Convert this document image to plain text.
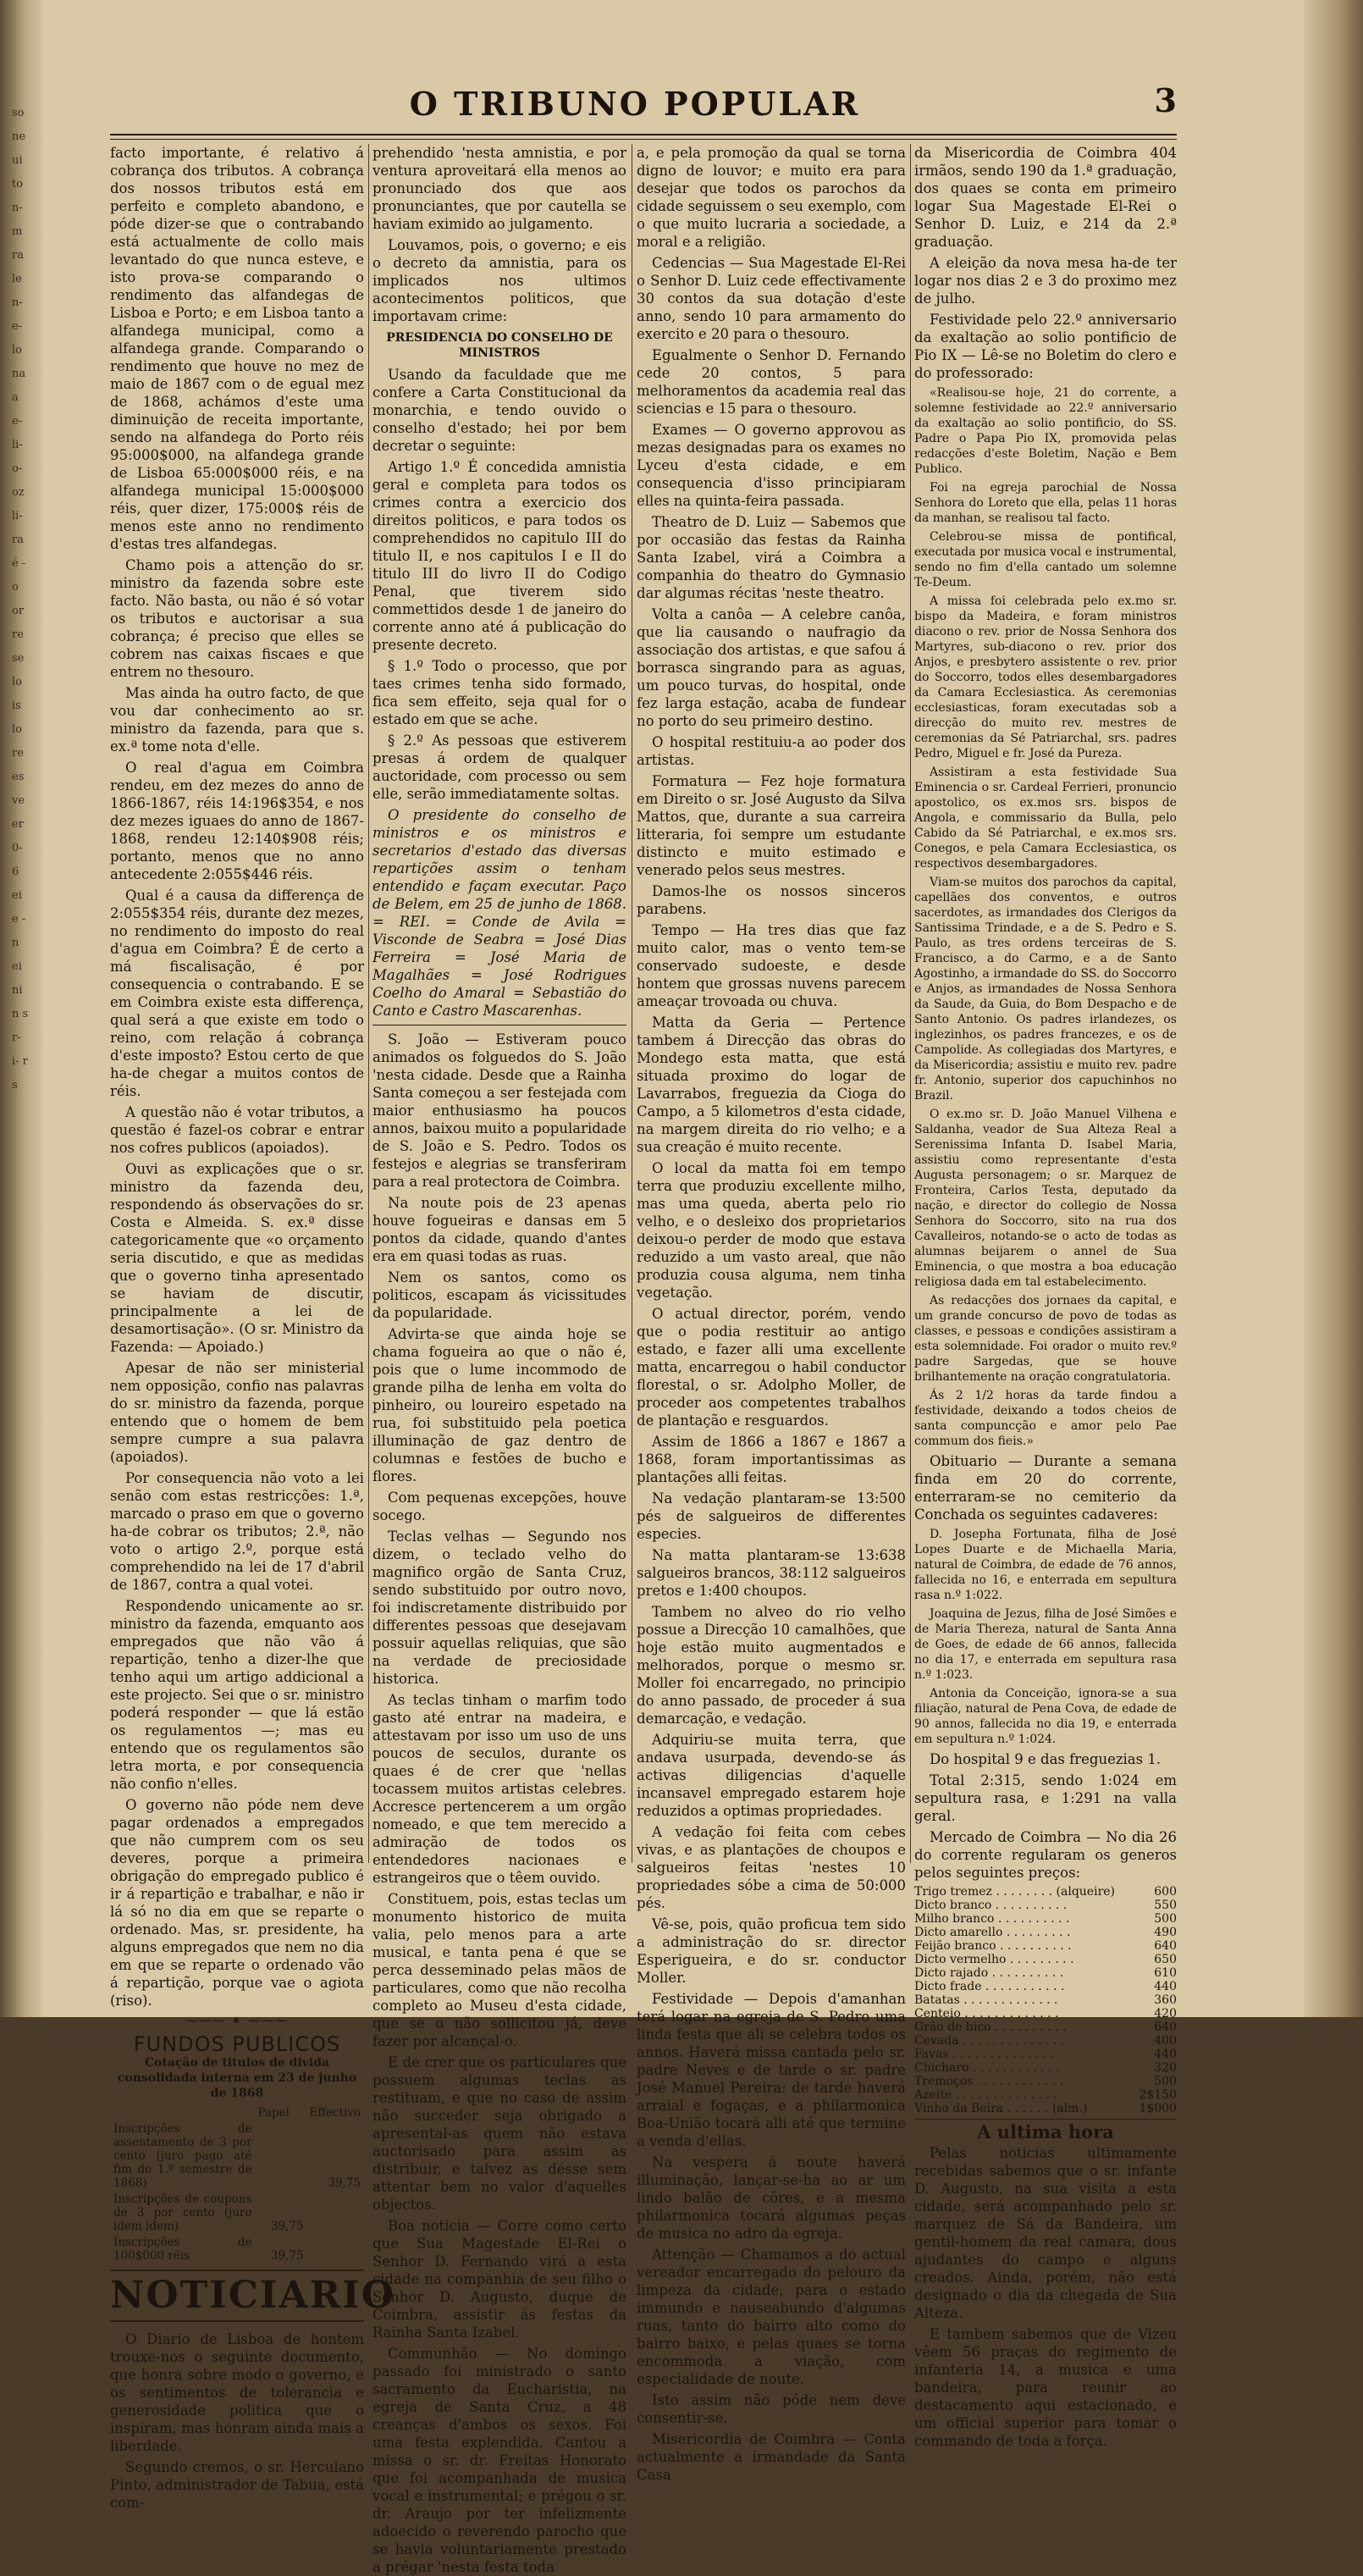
so ne ui to n- m ra le n- e- lo na a e- li- o- oz li- ra é -o or re se lo is lo re es ve er 0- 6 ei e -n ei ni n s r- i- r s
O TRIBUNO POPULAR	3

facto importante, é relativo á cobrança dos tributos. A cobrança dos nossos tributos está em perfeito e completo abandono, e póde dizer-se que o contrabando está actualmente de collo mais levantado do que nunca esteve, e isto prova-se comparando o rendimento das alfandegas de Lisboa e Porto; e em Lisboa tanto a alfandega municipal, como a alfandega grande. Comparando o rendimento que houve no mez de maio de 1867 com o de egual mez de 1868, achámos d'este uma diminuição de receita importante, sendo na alfandega do Porto réis 95:000$000, na alfandega grande de Lisboa 65:000$000 réis, e na alfandega municipal 15:000$000 réis, quer dizer, 175:000$ réis de menos este anno no rendimento d'estas tres alfandegas.

Chamo pois a attenção do sr. ministro da fazenda sobre este facto. Não basta, ou não é só votar os tributos e auctorisar a sua cobrança; é preciso que elles se cobrem nas caixas fiscaes e que entrem no thesouro.

Mas ainda ha outro facto, de que vou dar conhecimento ao sr. ministro da fazenda, para que s. ex.ª tome nota d'elle.

O real d'agua em Coimbra rendeu, em dez mezes do anno de 1866-1867, réis 14:196$354, e nos dez mezes iguaes do anno de 1867-1868, rendeu 12:140$908 réis; portanto, menos que no anno antecedente 2:055$446 réis.

Qual é a causa da differença de 2:055$354 réis, durante dez mezes, no rendimento do imposto do real d'agua em Coimbra? É de certo a má fiscalisação, é por consequencia o contrabando. E se em Coimbra existe esta differença, qual será a que existe em todo o reino, com relação á cobrança d'este imposto? Estou certo de que ha-de chegar a muitos contos de réis.

A questão não é votar tributos, a questão é fazel-os cobrar e entrar nos cofres publicos (apoiados).

Ouvi as explicações que o sr. ministro da fazenda deu, respondendo ás observações do sr. Costa e Almeida. S. ex.ª disse categoricamente que «o orçamento seria discutido, e que as medidas que o governo tinha apresentado se haviam de discutir, principalmente a lei de desamortisação». (O sr. Ministro da Fazenda: — Apoiado.)

Apesar de não ser ministerial nem opposição, confio nas palavras do sr. ministro da fazenda, porque entendo que o homem de bem sempre cumpre a sua palavra (apoiados).

Por consequencia não voto a lei senão com estas restricções: 1.ª, marcado o praso em que o governo ha-de cobrar os tributos; 2.ª, não voto o artigo 2.º, porque está comprehendido na lei de 17 d'abril de 1867, contra a qual votei.

Respondendo unicamente ao sr. ministro da fazenda, emquanto aos empregados que não vão á repartição, tenho a dizer-lhe que tenho aqui um artigo addicional a este projecto. Sei que o sr. ministro poderá responder — que lá estão os regulamentos —; mas eu entendo que os regulamentos são letra morta, e por consequencia não confio n'elles.

O governo não póde nem deve pagar ordenados a empregados que não cumprem com os seu deveres, porque a primeira obrigação do empregado publico é ir á repartição e trabalhar, e não ir lá só no dia em que se reparte o ordenado. Mas, sr. presidente, ha alguns empregados que nem no dia em que se reparte o ordenado vão á repartição, porque vae o agiota (riso).

⁓⁓⁓ ✶ ⁓⁓⁓
FUNDOS PUBLICOS
Cotação de titulos de divida consolidada interna em 23 de junho de 1868
	Papel	Effectivo
Inscripções de assentamento de 3 por cento (juro pago até fim do 1.º semestre de 1868)		39,75
Inscripções de coupons de 3 por cento (juro idem idem)	39,75	
Inscripções de 100$000 réis	39,75	
NOTICIARIO

O Diario de Lisboa de hontem trouxe-nos o seguinte documento, que honra sobre modo o governo, e os sentimentos de tolerancia e generosidade politica que o inspiram, mas honram ainda mais a liberdade.

Segundo cremos, o sr. Herculano Pinto, administrador de Tabua, está com-

prehendido 'nesta amnistia, e por ventura aproveitará ella menos ao pronunciado dos que aos pronunciantes, que por cautella se haviam eximido ao julgamento.

Louvamos, pois, o governo; e eis o decreto da amnistia, para os implicados nos ultimos acontecimentos politicos, que importavam crime:

PRESIDENCIA DO CONSELHO DE MINISTROS

Usando da faculdade que me confere a Carta Constitucional da monarchia, e tendo ouvido o conselho d'estado; hei por bem decretar o seguinte:

Artigo 1.º É concedida amnistia geral e completa para todos os crimes contra a exercicio dos direitos politicos, e para todos os comprehendidos no capitulo III do titulo II, e nos capitulos I e II do titulo III do livro II do Codigo Penal, que tiverem sido commettidos desde 1 de janeiro do corrente anno até á publicação do presente decreto.

§ 1.º Todo o processo, que por taes crimes tenha sido formado, fica sem effeito, seja qual for o estado em que se ache.

§ 2.º As pessoas que estiverem presas á ordem de qualquer auctoridade, com processo ou sem elle, serão immediatamente soltas.

O presidente do conselho de ministros e os ministros e secretarios d'estado das diversas repartições assim o tenham entendido e façam executar. Paço de Belem, em 25 de junho de 1868. = REI. = Conde de Avila = Visconde de Seabra = José Dias Ferreira = José Maria de Magalhães = José Rodrigues Coelho do Amaral = Sebastião do Canto e Castro Mascarenhas.

S. João — Estiveram pouco animados os folguedos do S. João 'nesta cidade. Desde que a Rainha Santa começou a ser festejada com maior enthusiasmo ha poucos annos, baixou muito a popularidade de S. João e S. Pedro. Todos os festejos e alegrias se transferiram para a real protectora de Coimbra.

Na noute pois de 23 apenas houve fogueiras e dansas em 5 pontos da cidade, quando d'antes era em quasi todas as ruas.

Nem os santos, como os politicos, escapam ás vicissitudes da popularidade.

Advirta-se que ainda hoje se chama fogueira ao que o não é, pois que o lume incommodo de grande pilha de lenha em volta do pinheiro, ou loureiro espetado na rua, foi substituido pela poetica illuminação de gaz dentro de columnas e festões de bucho e flores.

Com pequenas excepções, houve socego.

Teclas velhas — Segundo nos dizem, o teclado velho do magnifico orgão de Santa Cruz, sendo substituido por outro novo, foi indiscretamente distribuido por differentes pessoas que desejavam possuir aquellas reliquias, que são na verdade de preciosidade historica.

As teclas tinham o marfim todo gasto até entrar na madeira, e attestavam por isso um uso de uns poucos de seculos, durante os quaes é de crer que 'nellas tocassem muitos artistas celebres. Accresce pertencerem a um orgão nomeado, e que tem merecido a admiração de todos os entendedores nacionaes e estrangeiros que o têem ouvido.

Constituem, pois, estas teclas um monumento historico de muita valia, pelo menos para a arte musical, e tanta pena é que se perca desseminado pelas mãos de particulares, como que não recolha completo ao Museu d'esta cidade, que se o não sollicitou já, deve fazer por alcançal-o.

E de crer que os particulares que possuem algumas teclas as restituam, e que no caso de assim não succeder seja obrigado a apresental-as quem não estava auctorisado para assim as distribuir, e talvez as désse sem attentar bem no valor d'aquelles objectos.

Boa noticia — Corre como certo que Sua Magestade El-Rei o Senhor D. Fernando virá a esta cidade na companhia de seu filho o Senhor D. Augusto, duque de Coimbra, assistir ás festas da Rainha Santa Izabel.

Communhão — No domingo passado foi ministrado o santo sacramento da Eucharistia, na egreja de Santa Cruz, a 48 creanças d'ambos os sexos. Foi uma festa explendida. Cantou a missa o sr. dr. Freitas Honorato que foi acompanhada de musica vocal e instrumental; e prégou o sr. dr. Araujo por ter infelizmente adoecido o reverendo parocho que se havia voluntariamente prestado a prégar 'nesta festa toda

a, e pela promoção da qual se torna digno de louvor; e muito era para desejar que todos os parochos da cidade seguissem o seu exemplo, com o que muito lucraria a sociedade, a moral e a religião.

Cedencias — Sua Magestade El-Rei o Senhor D. Luiz cede effectivamente 30 contos da sua dotação d'este anno, sendo 10 para armamento do exercito e 20 para o thesouro.

Egualmente o Senhor D. Fernando cede 20 contos, 5 para melhoramentos da academia real das sciencias e 15 para o thesouro.

Exames — O governo approvou as mezas designadas para os exames no Lyceu d'esta cidade, e em consequencia d'isso principiaram elles na quinta-feira passada.

Theatro de D. Luiz — Sabemos que por occasião das festas da Rainha Santa Izabel, virá a Coimbra a companhia do theatro do Gymnasio dar algumas récitas 'neste theatro.

Volta a canôa — A celebre canôa, que lia causando o naufragio da associação dos artistas, e que safou á borrasca singrando para as aguas, um pouco turvas, do hospital, onde fez larga estação, acaba de fundear no porto do seu primeiro destino.

O hospital restituiu-a ao poder dos artistas.

Formatura — Fez hoje formatura em Direito o sr. José Augusto da Silva Mattos, que, durante a sua carreira litteraria, foi sempre um estudante distincto e muito estimado e venerado pelos seus mestres.

Damos-lhe os nossos sinceros parabens.

Tempo — Ha tres dias que faz muito calor, mas o vento tem-se conservado sudoeste, e desde hontem que grossas nuvens parecem ameaçar trovoada ou chuva.

Matta da Geria — Pertence tambem á Direcção das obras do Mondego esta matta, que está situada proximo do logar de Lavarrabos, freguezia da Cioga do Campo, a 5 kilometros d'esta cidade, na margem direita do rio velho; e a sua creação é muito recente.

O local da matta foi em tempo terra que produziu excellente milho, mas uma queda, aberta pelo rio velho, e o desleixo dos proprietarios deixou-o perder de modo que estava reduzido a um vasto areal, que não produzia cousa alguma, nem tinha vegetação.

O actual director, porém, vendo que o podia restituir ao antigo estado, e fazer alli uma excellente matta, encarregou o habil conductor florestal, o sr. Adolpho Moller, de proceder aos competentes trabalhos de plantação e resguardos.

Assim de 1866 a 1867 e 1867 a 1868, foram importantissimas as plantações alli feitas.

Na vedação plantaram-se 13:500 pés de salgueiros de differentes especies.

Na matta plantaram-se 13:638 salgueiros brancos, 38:112 salgueiros pretos e 1:400 choupos.

Tambem no alveo do rio velho possue a Direcção 10 camalhões, que hoje estão muito augmentados e melhorados, porque o mesmo sr. Moller foi encarregado, no principio do anno passado, de proceder á sua demarcação, e vedação.

Adquiriu-se muita terra, que andava usurpada, devendo-se ás activas diligencias d'aquelle incansavel empregado estarem hoje reduzidos a optimas propriedades.

A vedação foi feita com cebes vivas, e as plantações de choupos e salgueiros feitas 'nestes 10 propriedades sóbe a cima de 50:000 pés.

Vê-se, pois, quão proficua tem sido a administração do sr. director Esperigueira, e do sr. conductor Moller.

Festividade — Depois d'amanhan terá logar na egreja de S. Pedro uma linda festa que ali se celebra todos os annos. Haverá missa cantada pelo sr. padre Neves e de tarde o sr. padre José Manuel Pereira: de tarde haverá arraial e fogaças, e a philarmonica Boa-União tocará alli até que termine a venda d'ellas.

Na vespera á noute haverá illuminação, lançar-se-ha ao ar um lindo balão de côres, e a mesma philarmonica tocará algumas peças de musica no adro da egreja.

Attenção — Chamamos a do actual vereador encarregado do pelouro da limpeza da cidade, para o estado immundo e nauseabundo d'algumas ruas, tanto do bairro alto como do bairro baixo, e pelas quaes se torna encommoda a viação, com especialidade de noute.

Isto assim não póde nem deve consentir-se.

Misericordia de Coimbra — Conta actualmente a irmandade da Santa Casa

da Misericordia de Coimbra 404 irmãos, sendo 190 da 1.ª graduação, dos quaes se conta em primeiro logar Sua Magestade El-Rei o Senhor D. Luiz, e 214 da 2.ª graduação.

A eleição da nova mesa ha-de ter logar nos dias 2 e 3 do proximo mez de julho.

Festividade pelo 22.º anniversario da exaltação ao solio pontificio de Pio IX — Lê-se no Boletim do clero e do professorado:

«Realisou-se hoje, 21 do corrente, a solemne festividade ao 22.º anniversario da exaltação ao solio pontificio, do SS. Padre o Papa Pio IX, promovida pelas redacções d'este Boletim, Nação e Bem Publico.

Foi na egreja parochial de Nossa Senhora do Loreto que ella, pelas 11 horas da manhan, se realisou tal facto.

Celebrou-se missa de pontifical, executada por musica vocal e instrumental, sendo no fim d'ella cantado um solemne Te-Deum.

A missa foi celebrada pelo ex.mo sr. bispo da Madeira, e foram ministros diacono o rev. prior de Nossa Senhora dos Martyres, sub-diacono o rev. prior dos Anjos, e presbytero assistente o rev. prior do Soccorro, todos elles desembargadores da Camara Ecclesiastica. As ceremonias ecclesiasticas, foram executadas sob a direcção do muito rev. mestres de ceremonias da Sé Patriarchal, srs. padres Pedro, Miguel e fr. José da Pureza.

Assistiram a esta festividade Sua Eminencia o sr. Cardeal Ferrieri, pronuncio apostolico, os ex.mos srs. bispos de Angola, e commissario da Bulla, pelo Cabido da Sé Patriarchal, e ex.mos srs. Conegos, e pela Camara Ecclesiastica, os respectivos desembargadores.

Viam-se muitos dos parochos da capital, capellães dos conventos, e outros sacerdotes, as irmandades dos Clerigos da Santissima Trindade, e a de S. Pedro e S. Paulo, as tres ordens terceiras de S. Francisco, a do Carmo, e a de Santo Agostinho, a irmandade do SS. do Soccorro e Anjos, as irmandades de Nossa Senhora da Saude, da Guia, do Bom Despacho e de Santo Antonio. Os padres irlandezes, os inglezinhos, os padres francezes, e os de Campolide. As collegiadas dos Martyres, e da Misericordia; assistiu e muito rev. padre fr. Antonio, superior dos capuchinhos no Brazil.

O ex.mo sr. D. João Manuel Vilhena e Saldanha, veador de Sua Alteza Real a Serenissima Infanta D. Isabel Maria, assistiu como representante d'esta Augusta personagem; o sr. Marquez de Fronteira, Carlos Testa, deputado da nação, e director do collegio de Nossa Senhora do Soccorro, sito na rua dos Cavalleiros, notando-se o acto de todas as alumnas beijarem o annel de Sua Eminencia, o que mostra a boa educação religiosa dada em tal estabelecimento.

As redacções dos jornaes da capital, e um grande concurso de povo de todas as classes, e pessoas e condições assistiram a esta solemnidade. Foi orador o muito rev.º padre Sargedas, que se houve brilhantemente na oração congratulatoria.

Ás 2 1/2 horas da tarde findou a festividade, deixando a todos cheios de santa compuncção e amor pelo Pae commum dos fieis.»

Obituario — Durante a semana finda em 20 do corrente, enterraram-se no cemiterio da Conchada os seguintes cadaveres:

D. Josepha Fortunata, filha de José Lopes Duarte e de Michaella Maria, natural de Coimbra, de edade de 76 annos, fallecida no 16, e enterrada em sepultura rasa n.º 1:022.

Joaquina de Jezus, filha de José Simões e de Maria Thereza, natural de Santa Anna de Goes, de edade de 66 annos, fallecida no dia 17, e enterrada em sepultura rasa n.º 1:023.

Antonia da Conceição, ignora-se a sua filiação, natural de Pena Cova, de edade de 90 annos, fallecida no dia 19, e enterrada em sepultura n.º 1:024.

Do hospital 9 e das freguezias 1.

Total 2:315, sendo 1:024 em sepultura rasa, e 1:291 na valla geral.

Mercado de Coimbra — No dia 26 do corrente regularam os generos pelos seguintes preços:

Trigo tremez . . . . . . . . (alqueire)	600
Dicto branco . . . . . . . . . .	550
Milho branco . . . . . . . . . .	500
Dicto amarello . . . . . . . . .	490
Feijão branco . . . . . . . . . .	640
Dicto vermelho . . . . . . . . .	650
Dicto rajado . . . . . . . . . .	610
Dicto frade . . . . . . . . . . .	440
Batatas . . . . . . . . . . . . .	360
Centeio . . . . . . . . . . . . .	420
Grão de bico . . . . . . . . . .	640
Cevada . . . . . . . . . . . . . .	400
Favas . . . . . . . . . . . . . .	440
Chicharo . . . . . . . . . . . .	320
Tremoços . . . . . . . . . . . .	500
Azeite . . . . . . . . . . . . . .	2$150
Vinho da Beira . . . . . . (alm.)	1$000
A ultima hora

Pelas noticias ultimamente recebidas sabemos que o sr. infante D. Augusto, na sua visita a esta cidade, será acompanhado pelo sr. marquez de Sá da Bandeira, um gentil-homem da real camara, dous ajudantes do campo e alguns creados. Ainda, porém, não está designado o dia da chegada de Sua Alteza.

E tambem sabemos que de Vizeu vêem 56 praças do regimento de infanteria 14, a musica e uma bandeira, para reunir ao destacamento aqui estacionado, e um official superior para tomar o commando de toda a força.
